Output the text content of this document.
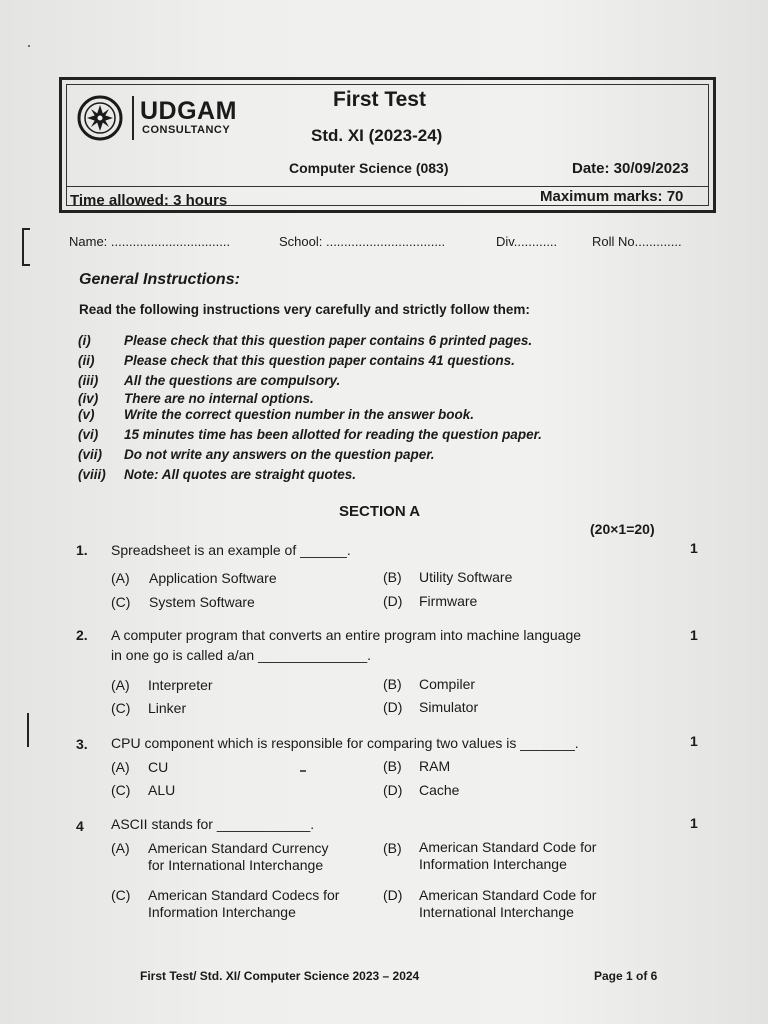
UDGAM
CONSULTANCY
First Test
Std. XI (2023-24)
Computer Science (083)	Date: 30/09/2023
Time allowed: 3 hours	Maximum marks: 70
Name: .................................	School: .................................	Div............	Roll No.............
General Instructions:
Read the following instructions very carefully and strictly follow them:
(i) Please check that this question paper contains 6 printed pages.
(ii) Please check that this question paper contains 41 questions.
(iii) All the questions are compulsory.
(iv) There are no internal options.
(v) Write the correct question number in the answer book.
(vi) 15 minutes time has been allotted for reading the question paper.
(vii) Do not write any answers on the question paper.
(viii) Note: All quotes are straight quotes.
SECTION A
(20×1=20)
1. Spreadsheet is an example of ______.	1
(A) Application Software	(B) Utility Software
(C) System Software	(D) Firmware
2. A computer program that converts an entire program into machine language
in one go is called a/an ______________.
1
(A) Interpreter	(B) Compiler
(C) Linker	(D) Simulator
3. CPU component which is responsible for comparing two values is _______.	1
(A) CU	(B) RAM
(C) ALU	(D) Cache
4 ASCII stands for ____________.	1
(A) American Standard Currency
for International Interchange
(B) American Standard Code for
Information Interchange
(C) American Standard Codecs for
Information Interchange
(D) American Standard Code for
International Interchange
First Test/ Std. XI/ Computer Science 2023 – 2024	Page 1 of 6
